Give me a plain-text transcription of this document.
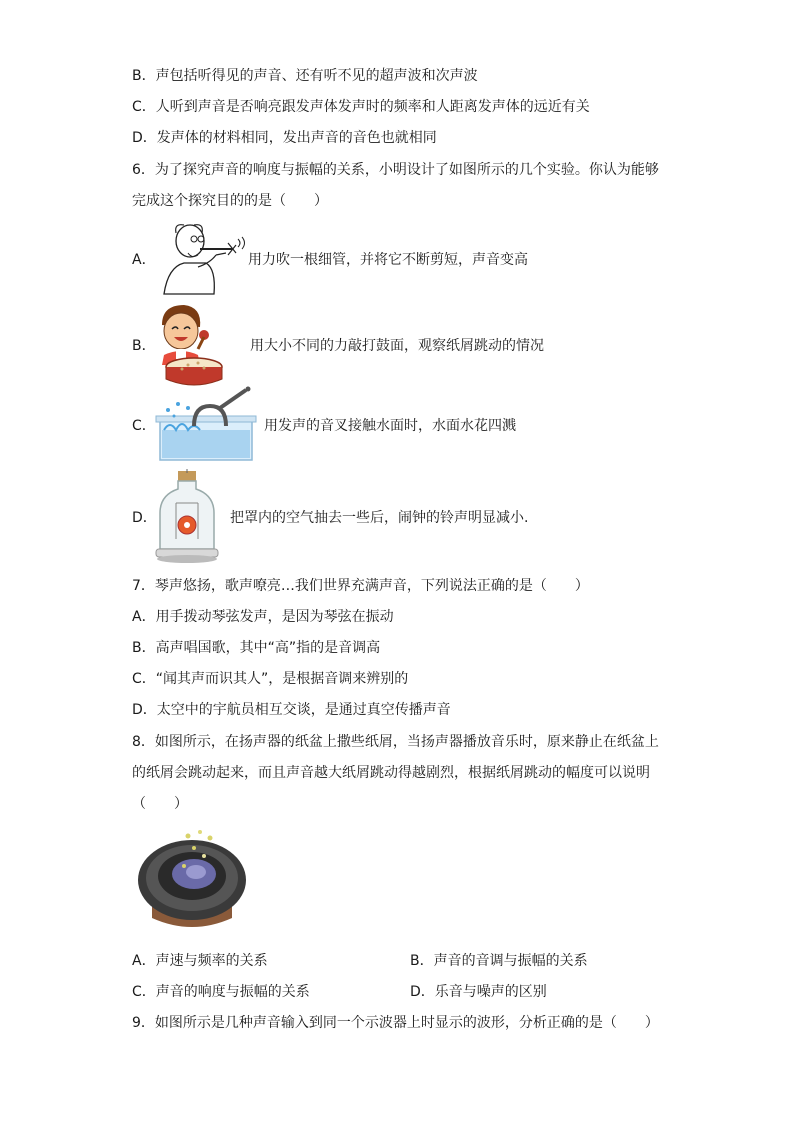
B．声包括听得见的声音、还有听不见的超声波和次声波
C．人听到声音是否响亮跟发声体发声时的频率和人距离发声体的远近有关
D．发声体的材料相同，发出声音的音色也就相同
6．为了探究声音的响度与振幅的关系，小明设计了如图所示的几个实验。你认为能够
完成这个探究目的的是（　　）
A．	用力吹一根细管，并将它不断剪短，声音变高
B．	用大小不同的力敲打鼓面，观察纸屑跳动的情况
C．	用发声的音叉接触水面时，水面水花四溅
D．	把罩内的空气抽去一些后，闹钟的铃声明显减小.
7．琴声悠扬，歌声嘹亮…我们世界充满声音，下列说法正确的是（　　）
A．用手拨动琴弦发声，是因为琴弦在振动
B．高声唱国歌，其中“高”指的是音调高
C．“闻其声而识其人”，是根据音调来辨别的
D．太空中的宇航员相互交谈，是通过真空传播声音
8．如图所示，在扬声器的纸盆上撒些纸屑，当扬声器播放音乐时，原来静止在纸盆上
的纸屑会跳动起来，而且声音越大纸屑跳动得越剧烈，根据纸屑跳动的幅度可以说明
（　　）
A．声速与频率的关系	B．声音的音调与振幅的关系
C．声音的响度与振幅的关系	D．乐音与噪声的区别
9．如图所示是几种声音输入到同一个示波器上时显示的波形，分析正确的是（　　）
